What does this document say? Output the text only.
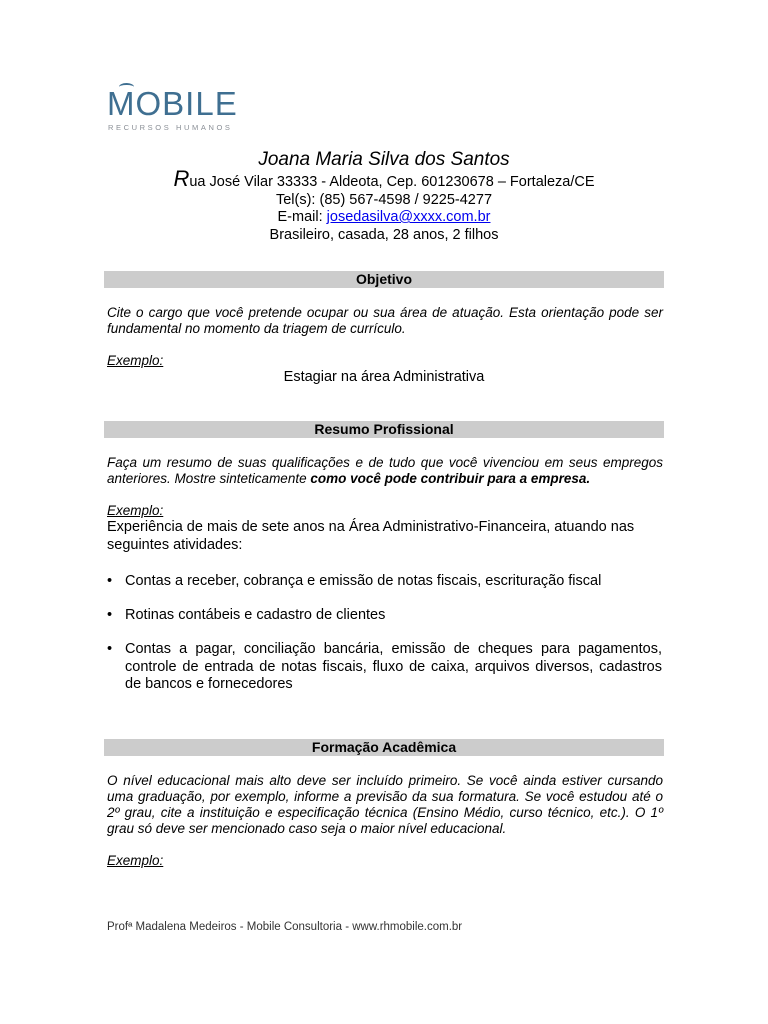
MOBILE
RECURSOS HUMANOS

Joana Maria Silva dos Santos

Rua José Vilar 33333 - Aldeota, Cep. 601230678 – Fortaleza/CE

Tel(s): (85) 567-4598 / 9225-4277

E-mail: josedasilva@xxxx.com.br

Brasileiro, casada, 28 anos, 2 filhos

Objetivo

Cite o cargo que você pretende ocupar ou sua área de atuação. Esta orientação pode ser fundamental no momento da triagem de currículo.

Exemplo:

Estagiar na área Administrativa

Resumo Profissional

Faça um resumo de suas qualificações e de tudo que você vivenciou em seus empregos anteriores. Mostre sinteticamente como você pode contribuir para a empresa.

Exemplo:

Experiência de mais de sete anos na Área Administrativo-Financeira, atuando nas seguintes atividades:

• Contas a receber, cobrança e emissão de notas fiscais, escrituração fiscal
• Rotinas contábeis e cadastro de clientes
• Contas a pagar, conciliação bancária, emissão de cheques para pagamentos, controle de entrada de notas fiscais, fluxo de caixa, arquivos diversos, cadastros de bancos e fornecedores
Formação Acadêmica

O nível educacional mais alto deve ser incluído primeiro. Se você ainda estiver cursando uma graduação, por exemplo, informe a previsão da sua formatura. Se você estudou até o 2º grau, cite a instituição e especificação técnica (Ensino Médio, curso técnico, etc.). O 1º grau só deve ser mencionado caso seja o maior nível educacional.

Exemplo:

Profª Madalena Medeiros - Mobile Consultoria - www.rhmobile.com.br
